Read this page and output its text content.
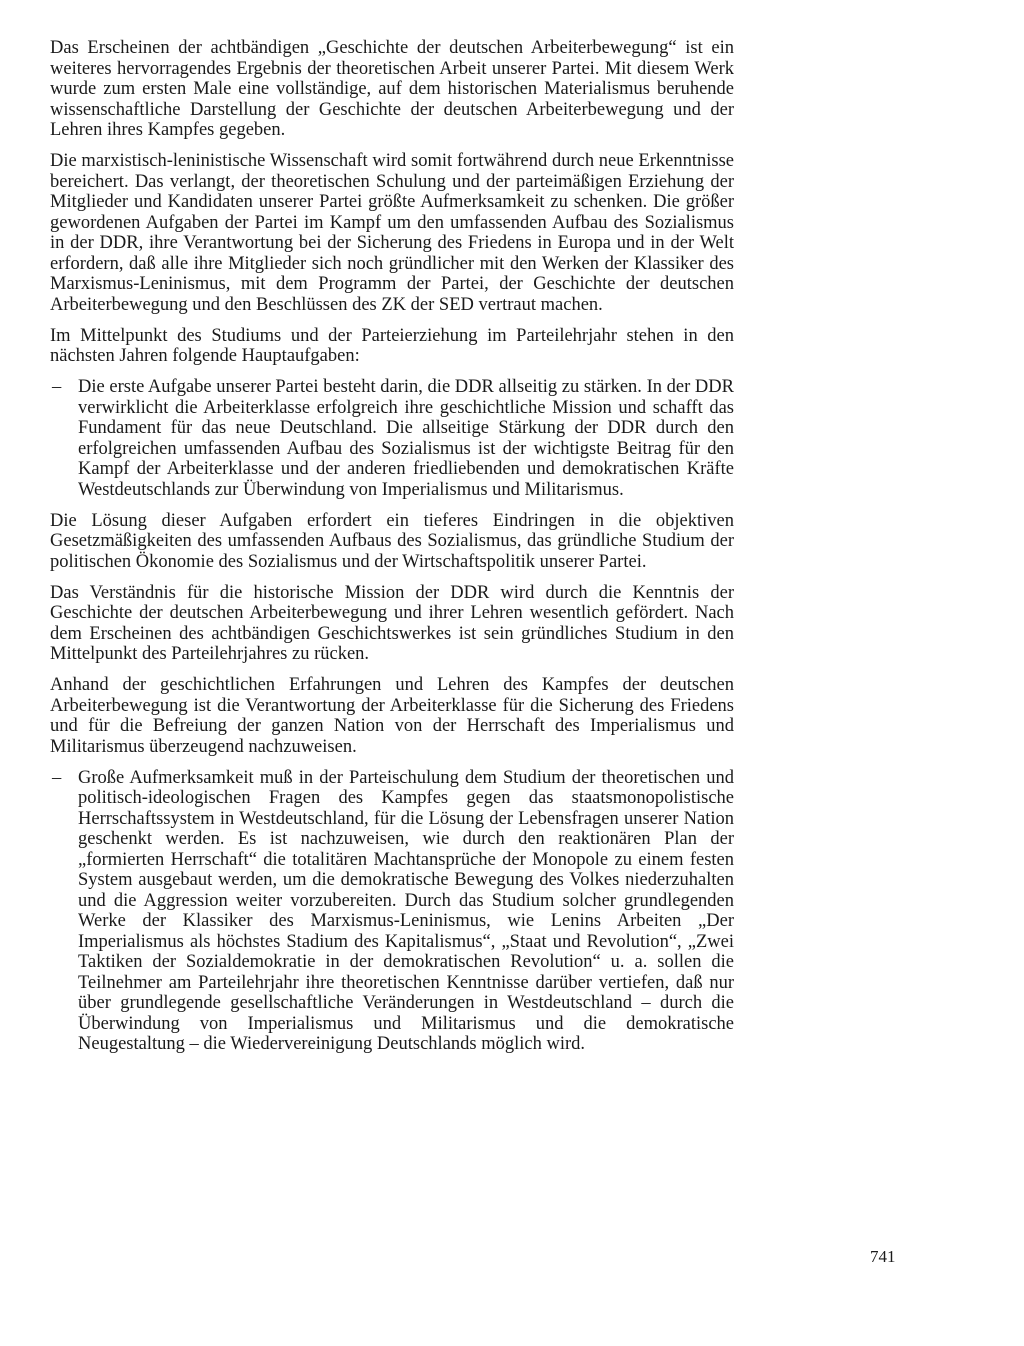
Das Erscheinen der achtbändigen „Geschichte der deutschen Arbeiterbewegung“ ist ein weiteres hervorragendes Ergebnis der theoretischen Arbeit unserer Partei. Mit diesem Werk wurde zum ersten Male eine vollständige, auf dem historischen Materialismus beruhende wissenschaftliche Darstellung der Geschichte der deutschen Arbeiterbewegung und der Lehren ihres Kampfes gegeben.

Die marxistisch-leninistische Wissenschaft wird somit fortwährend durch neue Erkenntnisse bereichert. Das verlangt, der theoretischen Schulung und der parteimäßigen Erziehung der Mitglieder und Kandidaten unserer Partei größte Aufmerksamkeit zu schenken. Die größer gewordenen Aufgaben der Partei im Kampf um den umfassenden Aufbau des Sozialismus in der DDR, ihre Verantwortung bei der Sicherung des Friedens in Europa und in der Welt erfordern, daß alle ihre Mitglieder sich noch gründlicher mit den Werken der Klassiker des Marxismus-Leninismus, mit dem Programm der Partei, der Geschichte der deutschen Arbeiterbewegung und den Beschlüssen des ZK der SED vertraut machen.

Im Mittelpunkt des Studiums und der Parteierziehung im Parteilehrjahr stehen in den nächsten Jahren folgende Hauptaufgaben:

– Die erste Aufgabe unserer Partei besteht darin, die DDR allseitig zu stärken. In der DDR verwirklicht die Arbeiterklasse erfolgreich ihre geschichtliche Mission und schafft das Fundament für das neue Deutschland. Die allseitige Stärkung der DDR durch den erfolgreichen umfassenden Aufbau des Sozialismus ist der wichtigste Beitrag für den Kampf der Arbeiterklasse und der anderen friedliebenden und demokratischen Kräfte Westdeutschlands zur Überwindung von Imperialismus und Militarismus.

Die Lösung dieser Aufgaben erfordert ein tieferes Eindringen in die objektiven Gesetzmäßigkeiten des umfassenden Aufbaus des Sozialismus, das gründliche Studium der politischen Ökonomie des Sozialismus und der Wirtschaftspolitik unserer Partei.

Das Verständnis für die historische Mission der DDR wird durch die Kenntnis der Geschichte der deutschen Arbeiterbewegung und ihrer Lehren wesentlich gefördert. Nach dem Erscheinen des achtbändigen Geschichtswerkes ist sein gründliches Studium in den Mittelpunkt des Parteilehrjahres zu rücken.

Anhand der geschichtlichen Erfahrungen und Lehren des Kampfes der deutschen Arbeiterbewegung ist die Verantwortung der Arbeiterklasse für die Sicherung des Friedens und für die Befreiung der ganzen Nation von der Herrschaft des Imperialismus und Militarismus überzeugend nachzuweisen.

– Große Aufmerksamkeit muß in der Parteischulung dem Studium der theoretischen und politisch-ideologischen Fragen des Kampfes gegen das staatsmonopolistische Herrschaftssystem in Westdeutschland, für die Lösung der Lebensfragen unserer Nation geschenkt werden. Es ist nachzuweisen, wie durch den reaktionären Plan der „formierten Herrschaft“ die totalitären Machtansprüche der Monopole zu einem festen System ausgebaut werden, um die demokratische Bewegung des Volkes niederzuhalten und die Aggression weiter vorzubereiten. Durch das Studium solcher grundlegenden Werke der Klassiker des Marxismus-Leninismus, wie Lenins Arbeiten „Der Imperialismus als höchstes Stadium des Kapitalismus“, „Staat und Revolution“, „Zwei Taktiken der Sozialdemokratie in der demokratischen Revolution“ u. a. sollen die Teilnehmer am Parteilehrjahr ihre theoretischen Kenntnisse darüber vertiefen, daß nur über grundlegende gesellschaftliche Veränderungen in Westdeutschland – durch die Überwindung von Imperialismus und Militarismus und die demokratische Neugestaltung – die Wiedervereinigung Deutschlands möglich wird.

741
